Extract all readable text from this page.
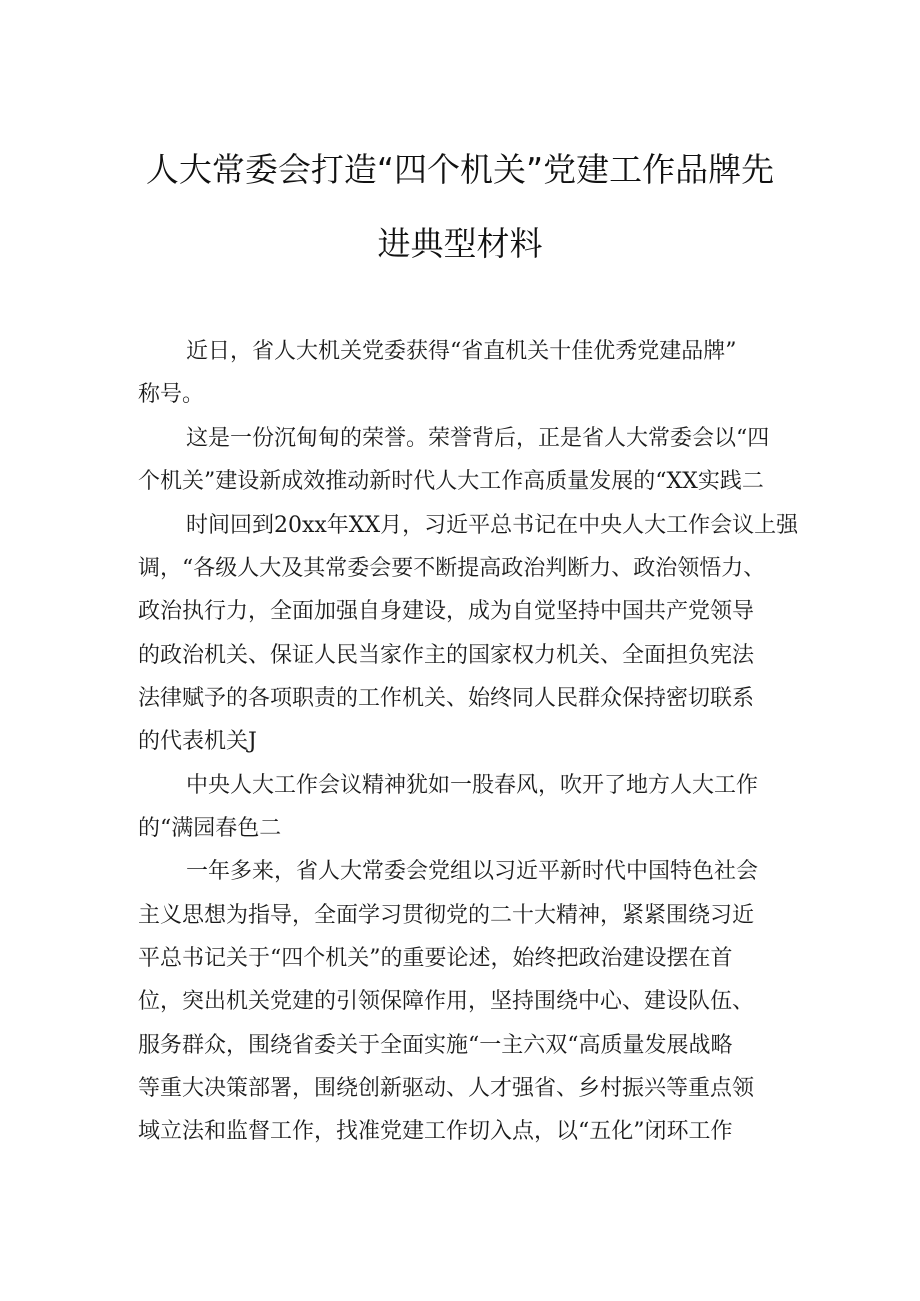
人大常委会打造“四个机关”党建工作品牌先
进典型材料
近日，省人大机关党委获得“省直机关十佳优秀党建品牌”
称号。
这是一份沉甸甸的荣誉。荣誉背后，正是省人大常委会以“四
个机关”建设新成效推动新时代人大工作高质量发展的“XX实践二
时间回到20xx年XX月，习近平总书记在中央人大工作会议上强
调，“各级人大及其常委会要不断提高政治判断力、政治领悟力、
政治执行力，全面加强自身建设，成为自觉坚持中国共产党领导
的政治机关、保证人民当家作主的国家权力机关、全面担负宪法
法律赋予的各项职责的工作机关、始终同人民群众保持密切联系
的代表机关J
中央人大工作会议精神犹如一股春风，吹开了地方人大工作
的“满园春色二
一年多来，省人大常委会党组以习近平新时代中国特色社会
主义思想为指导，全面学习贯彻党的二十大精神，紧紧围绕习近
平总书记关于“四个机关”的重要论述，始终把政治建设摆在首
位，突出机关党建的引领保障作用，坚持围绕中心、建设队伍、
服务群众，围绕省委关于全面实施“一主六双“高质量发展战略
等重大决策部署，围绕创新驱动、人才强省、乡村振兴等重点领
域立法和监督工作，找准党建工作切入点，以“五化”闭环工作
